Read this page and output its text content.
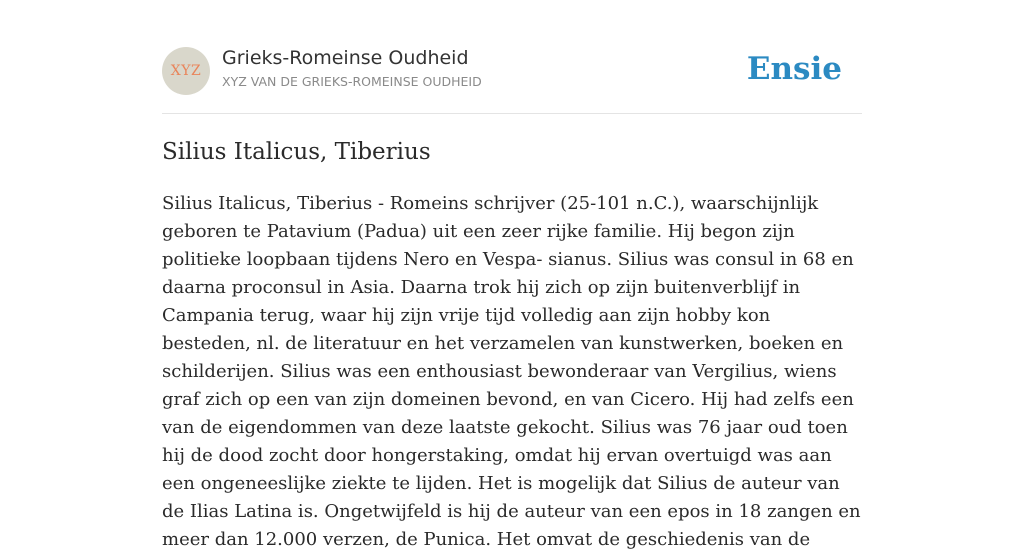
XYZ
Grieks-Romeinse Oudheid
XYZ VAN DE GRIEKS-ROMEINSE OUDHEID	Ensie
Silius Italicus, Tiberius

Silius Italicus, Tiberius - Romeins schrijver (25-101 n.C.), waarschijnlijk geboren te Patavium (Padua) uit een zeer rijke familie. Hij begon zijn politieke loopbaan tijdens Nero en Vespa- sianus. Silius was consul in 68 en daarna proconsul in Asia. Daarna trok hij zich op zijn buitenverblijf in Campania terug, waar hij zijn vrije tijd volledig aan zijn hobby kon besteden, nl. de literatuur en het verzamelen van kunstwerken, boeken en schilderijen. Silius was een enthousiast bewonderaar van Vergilius, wiens graf zich op een van zijn domeinen bevond, en van Cicero. Hij had zelfs een van de eigendommen van deze laatste gekocht. Silius was 76 jaar oud toen hij de dood zocht door hongerstaking, omdat hij ervan overtuigd was aan een ongeneeslijke ziekte te lijden. Het is mogelijk dat Silius de auteur van de Ilias Latina is. Ongetwijfeld is hij de auteur van een epos in 18 zangen en meer dan 12.000 verzen, de Punica. Het omvat de geschiedenis van de
